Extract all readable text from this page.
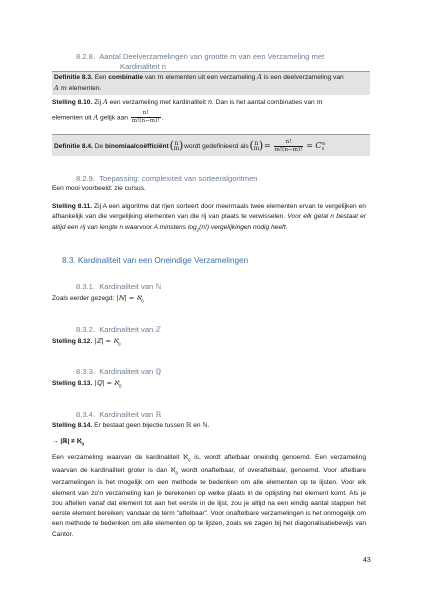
8.2.8. Aantal Deelverzamelingen van grootte m van een Verzameling met
Kardinaliteit n
Definitie 8.3. Een combinatie van m elementen uit een verzameling A is een deelverzameling van
A m elementen.
Stelling 8.10. Zij A een verzameling met kardinaliteit n. Dan is het aantal combinaties van m
elementen uit A gelijk aan $\frac{n!}{m!(n-m)!}$ .
Definitie 8.4. De binomiaalcoëfficiënt ( n
m ) wordt gedefinieerd als ( n
m ) = $\frac{n!}{m!(n-m)!} = C$ m
n
8.2.9. Toepassing: complexiteit van sorteeralgoritmen
Een mooi voorbeeld: zie cursus.
Stelling 8.11. Zij A een algoritme dat rijen sorteert door meermaals twee elementen ervan te vergelijken en afhankelijk van die vergelijking elementen van die rij van plaats te verwisselen. Voor elk getal n bestaat er altijd een rij van lengte n waarvoor A minstens $\log_2(n!)$ vergelijkingen nodig heeft.
8.3. Kardinaliteit van een Oneindige Verzamelingen
8.3.1. Kardinaliteit van ℕ
Zoals eerder gezegd: |ℕ| = ℵ$_0$
8.3.2. Kardinaliteit van ℤ
Stelling 8.12. |ℤ| = ℵ$_0$
8.3.3. Kardinaliteit van ℚ
Stelling 8.13. |ℚ| = ℵ$_0$
8.3.4. Kardinaliteit van ℝ
Stelling 8.14. Er bestaat geen bijectie tussen ℝ en ℕ.
→ |ℝ| ≠ ℵ$_0$
Een verzameling waarvan de kardinaliteit ℵ$_0$ is, wordt aftelbaar oneindig genoemd. Een verzameling waarvan de kardinaliteit groter is dan ℵ$_0$ wordt onaftelbaar, of overaftelbaar, genoemd. Voor aftelbare verzamelingen is het mogelijk om een methode te bedenken om alle elementen op te lijsten. Voor elk element van zo'n verzameling kan je berekenen op welke plaats in de oplijsting het element komt. Als je zou aftellen vanaf dat element tot aan het eerste in de lijst, zou je altijd na een eindig aantal stappen het eerste element bereiken; vandaar de term "aftelbaar". Voor onaftelbare verzamelingen is het onmogelijk om een methode te bedenken om alle elementen op te lijsten, zoals we zagen bij het diagonalisatiebewijs van Cantor.
43
